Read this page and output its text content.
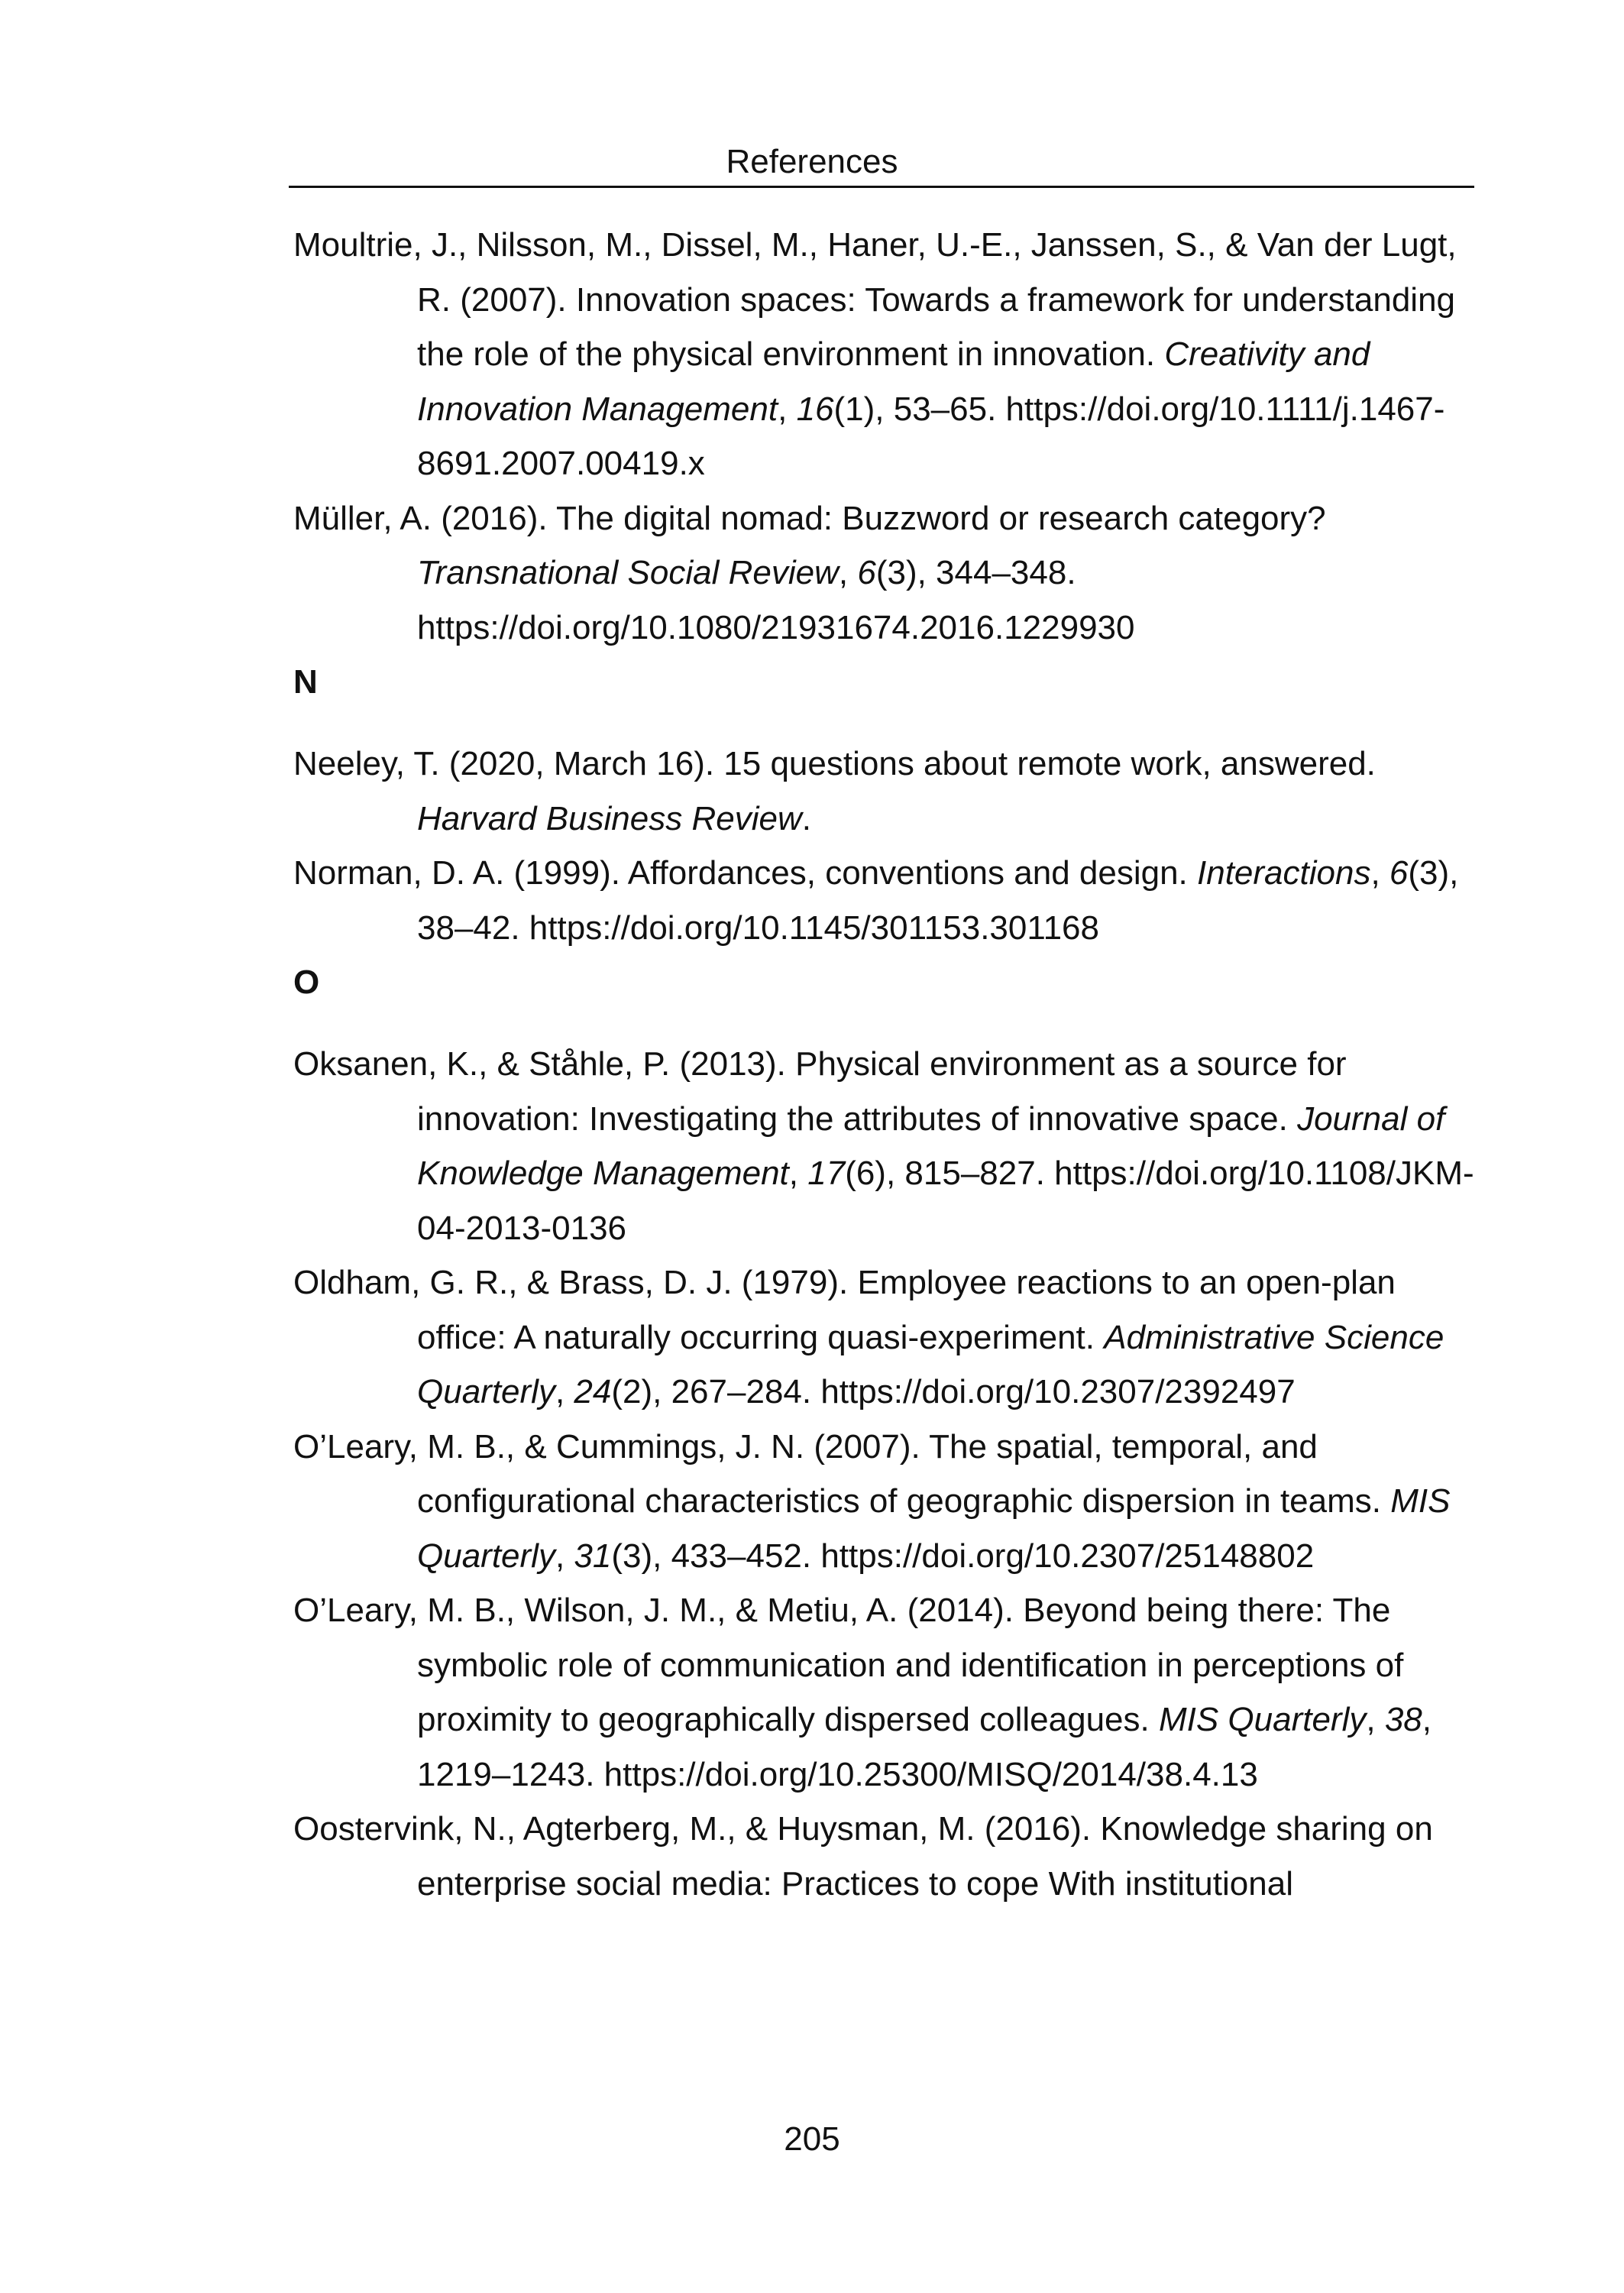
References
Moultrie, J., Nilsson, M., Dissel, M., Haner, U.-E., Janssen, S., & Van der Lugt, R. (2007). Innovation spaces: Towards a framework for understanding the role of the physical environment in innovation. Creativity and Innovation Management, 16(1), 53–65. https://doi.org/10.1111/j.1467-8691.2007.00419.x
Müller, A. (2016). The digital nomad: Buzzword or research category? Transnational Social Review, 6(3), 344–348. https://doi.org/10.1080/21931674.2016.1229930
N
Neeley, T. (2020, March 16). 15 questions about remote work, answered. Harvard Business Review.
Norman, D. A. (1999). Affordances, conventions and design. Interactions, 6(3), 38–42. https://doi.org/10.1145/301153.301168
O
Oksanen, K., & Ståhle, P. (2013). Physical environment as a source for innovation: Investigating the attributes of innovative space. Journal of Knowledge Management, 17(6), 815–827. https://doi.org/10.1108/JKM-04-2013-0136
Oldham, G. R., & Brass, D. J. (1979). Employee reactions to an open-plan office: A naturally occurring quasi-experiment. Administrative Science Quarterly, 24(2), 267–284. https://doi.org/10.2307/2392497
O’Leary, M. B., & Cummings, J. N. (2007). The spatial, temporal, and configurational characteristics of geographic dispersion in teams. MIS Quarterly, 31(3), 433–452. https://doi.org/10.2307/25148802
O’Leary, M. B., Wilson, J. M., & Metiu, A. (2014). Beyond being there: The symbolic role of communication and identification in perceptions of proximity to geographically dispersed colleagues. MIS Quarterly, 38, 1219–1243. https://doi.org/10.25300/MISQ/2014/38.4.13
Oostervink, N., Agterberg, M., & Huysman, M. (2016). Knowledge sharing on enterprise social media: Practices to cope With institutional
205
